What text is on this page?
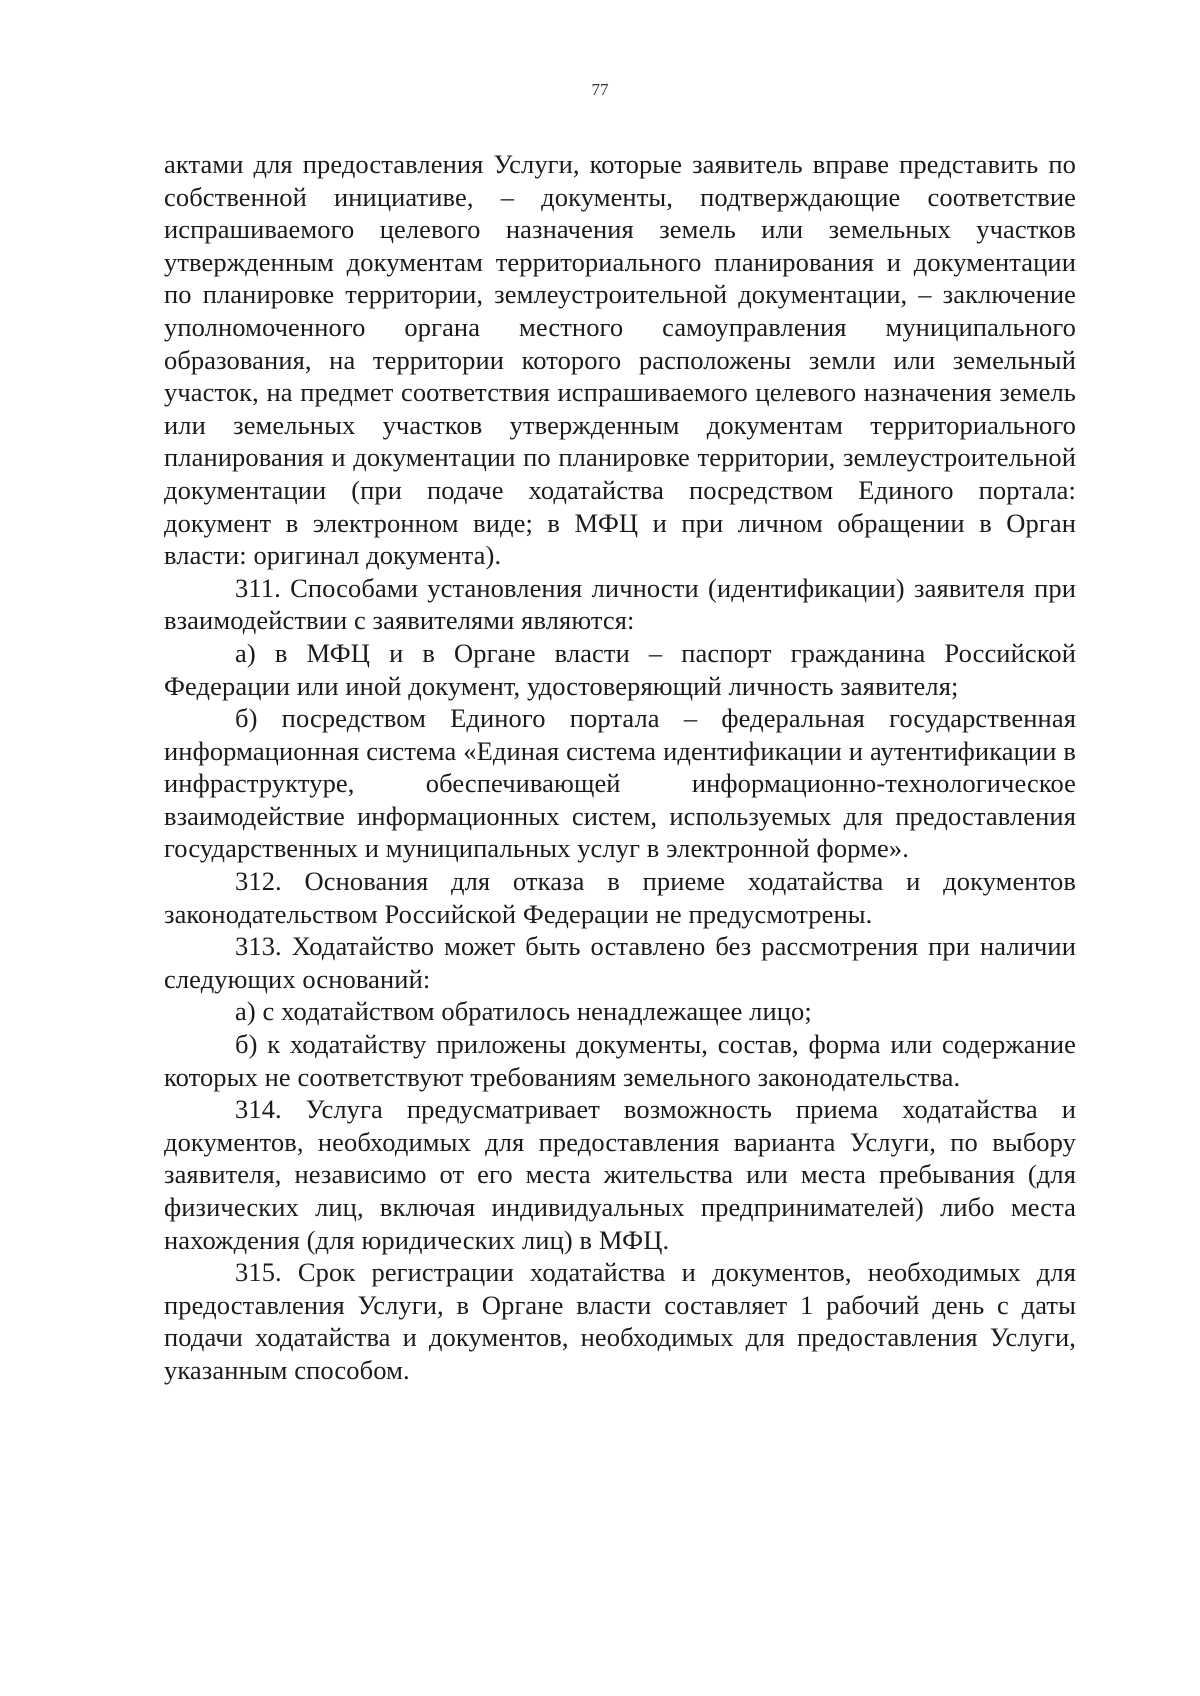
77

актами для предоставления Услуги, которые заявитель вправе представить по собственной инициативе, – документы, подтверждающие соответствие испрашиваемого целевого назначения земель или земельных участков утвержденным документам территориального планирования и документации по планировке территории, землеустроительной документации, – заключение уполномоченного органа местного самоуправления муниципального образования, на территории которого расположены земли или земельный участок, на предмет соответствия испрашиваемого целевого назначения земель или земельных участков утвержденным документам территориального планирования и документации по планировке территории, землеустроительной документации (при подаче ходатайства посредством Единого портала: документ в электронном виде; в МФЦ и при личном обращении в Орган власти: оригинал документа).

311. Способами установления личности (идентификации) заявителя при взаимодействии с заявителями являются:

а) в МФЦ и в Органе власти – паспорт гражданина Российской Федерации или иной документ, удостоверяющий личность заявителя;

б) посредством Единого портала – федеральная государственная информационная система «Единая система идентификации и аутентификации в инфраструктуре, обеспечивающей информационно-технологическое взаимодействие информационных систем, используемых для предоставления государственных и муниципальных услуг в электронной форме».

312. Основания для отказа в приеме ходатайства и документов законодательством Российской Федерации не предусмотрены.

313. Ходатайство может быть оставлено без рассмотрения при наличии следующих оснований:

а) с ходатайством обратилось ненадлежащее лицо;

б) к ходатайству приложены документы, состав, форма или содержание которых не соответствуют требованиям земельного законодательства.

314. Услуга предусматривает возможность приема ходатайства и документов, необходимых для предоставления варианта Услуги, по выбору заявителя, независимо от его места жительства или места пребывания (для физических лиц, включая индивидуальных предпринимателей) либо места нахождения (для юридических лиц) в МФЦ.

315. Срок регистрации ходатайства и документов, необходимых для предоставления Услуги, в Органе власти составляет 1 рабочий день с даты подачи ходатайства и документов, необходимых для предоставления Услуги, указанным способом.
